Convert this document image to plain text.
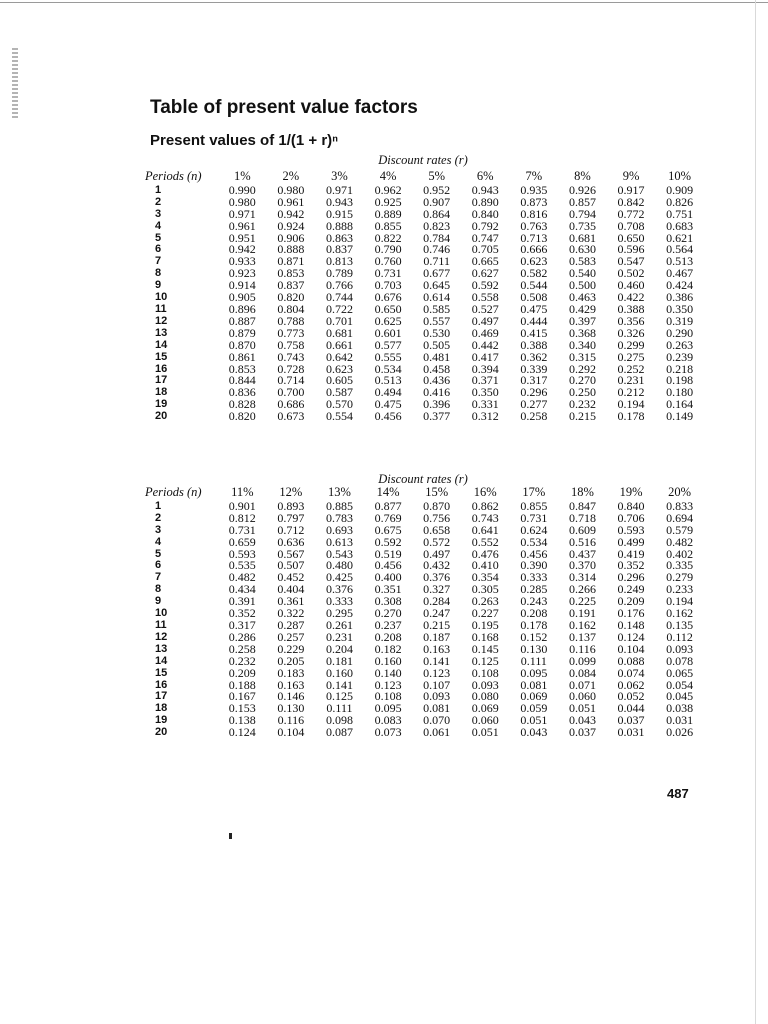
Table of present value factors
Present values of 1/(1 + r)ⁿ
Discount rates (r)
Periods (n)	1%	2%	3%	4%	5%	6%	7%	8%	9%	10%
1	0.990	0.980	0.971	0.962	0.952	0.943	0.935	0.926	0.917	0.909
2	0.980	0.961	0.943	0.925	0.907	0.890	0.873	0.857	0.842	0.826
3	0.971	0.942	0.915	0.889	0.864	0.840	0.816	0.794	0.772	0.751
4	0.961	0.924	0.888	0.855	0.823	0.792	0.763	0.735	0.708	0.683
5	0.951	0.906	0.863	0.822	0.784	0.747	0.713	0.681	0.650	0.621
6	0.942	0.888	0.837	0.790	0.746	0.705	0.666	0.630	0.596	0.564
7	0.933	0.871	0.813	0.760	0.711	0.665	0.623	0.583	0.547	0.513
8	0.923	0.853	0.789	0.731	0.677	0.627	0.582	0.540	0.502	0.467
9	0.914	0.837	0.766	0.703	0.645	0.592	0.544	0.500	0.460	0.424
10	0.905	0.820	0.744	0.676	0.614	0.558	0.508	0.463	0.422	0.386
11	0.896	0.804	0.722	0.650	0.585	0.527	0.475	0.429	0.388	0.350
12	0.887	0.788	0.701	0.625	0.557	0.497	0.444	0.397	0.356	0.319
13	0.879	0.773	0.681	0.601	0.530	0.469	0.415	0.368	0.326	0.290
14	0.870	0.758	0.661	0.577	0.505	0.442	0.388	0.340	0.299	0.263
15	0.861	0.743	0.642	0.555	0.481	0.417	0.362	0.315	0.275	0.239
16	0.853	0.728	0.623	0.534	0.458	0.394	0.339	0.292	0.252	0.218
17	0.844	0.714	0.605	0.513	0.436	0.371	0.317	0.270	0.231	0.198
18	0.836	0.700	0.587	0.494	0.416	0.350	0.296	0.250	0.212	0.180
19	0.828	0.686	0.570	0.475	0.396	0.331	0.277	0.232	0.194	0.164
20	0.820	0.673	0.554	0.456	0.377	0.312	0.258	0.215	0.178	0.149
Discount rates (r)
Periods (n)	11%	12%	13%	14%	15%	16%	17%	18%	19%	20%
1	0.901	0.893	0.885	0.877	0.870	0.862	0.855	0.847	0.840	0.833
2	0.812	0.797	0.783	0.769	0.756	0.743	0.731	0.718	0.706	0.694
3	0.731	0.712	0.693	0.675	0.658	0.641	0.624	0.609	0.593	0.579
4	0.659	0.636	0.613	0.592	0.572	0.552	0.534	0.516	0.499	0.482
5	0.593	0.567	0.543	0.519	0.497	0.476	0.456	0.437	0.419	0.402
6	0.535	0.507	0.480	0.456	0.432	0.410	0.390	0.370	0.352	0.335
7	0.482	0.452	0.425	0.400	0.376	0.354	0.333	0.314	0.296	0.279
8	0.434	0.404	0.376	0.351	0.327	0.305	0.285	0.266	0.249	0.233
9	0.391	0.361	0.333	0.308	0.284	0.263	0.243	0.225	0.209	0.194
10	0.352	0.322	0.295	0.270	0.247	0.227	0.208	0.191	0.176	0.162
11	0.317	0.287	0.261	0.237	0.215	0.195	0.178	0.162	0.148	0.135
12	0.286	0.257	0.231	0.208	0.187	0.168	0.152	0.137	0.124	0.112
13	0.258	0.229	0.204	0.182	0.163	0.145	0.130	0.116	0.104	0.093
14	0.232	0.205	0.181	0.160	0.141	0.125	0.111	0.099	0.088	0.078
15	0.209	0.183	0.160	0.140	0.123	0.108	0.095	0.084	0.074	0.065
16	0.188	0.163	0.141	0.123	0.107	0.093	0.081	0.071	0.062	0.054
17	0.167	0.146	0.125	0.108	0.093	0.080	0.069	0.060	0.052	0.045
18	0.153	0.130	0.111	0.095	0.081	0.069	0.059	0.051	0.044	0.038
19	0.138	0.116	0.098	0.083	0.070	0.060	0.051	0.043	0.037	0.031
20	0.124	0.104	0.087	0.073	0.061	0.051	0.043	0.037	0.031	0.026
487
